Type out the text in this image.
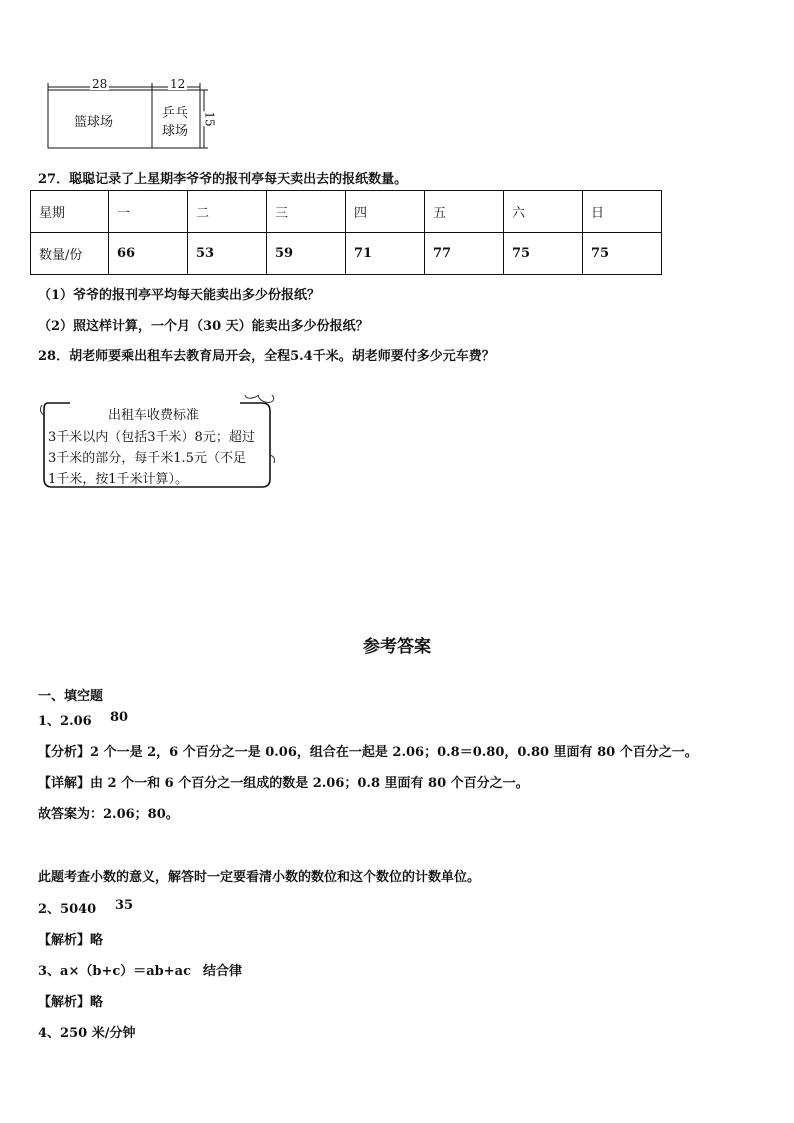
28	12
15
篮球场
乒乓
球场
27．聪聪记录了上星期李爷爷的报刊亭每天卖出去的报纸数量。
星期	一	二	三	四	五	六	日
数量/份	66	53	59	71	77	75	75
（1）爷爷的报刊亭平均每天能卖出多少份报纸？
（2）照这样计算，一个月（30 天）能卖出多少份报纸？
28．胡老师要乘出租车去教育局开会，全程5.4千米。胡老师要付多少元车费？
出租车收费标准
3千米以内（包括3千米）8元；超过
3千米的部分，每千米1.5元（不足
1千米，按1千米计算）。
参考答案
一、填空题
1、2.06 80
【分析】2 个一是 2，6 个百分之一是 0.06，组合在一起是 2.06；0.8＝0.80，0.80 里面有 80 个百分之一。
【详解】由 2 个一和 6 个百分之一组成的数是 2.06；0.8 里面有 80 个百分之一。
故答案为：2.06；80。
此题考查小数的意义，解答时一定要看清小数的数位和这个数位的计数单位。
2、5040 35
【解析】略
3、a×（b+c）＝ab+ac 结合律
【解析】略
4、250 米/分钟
